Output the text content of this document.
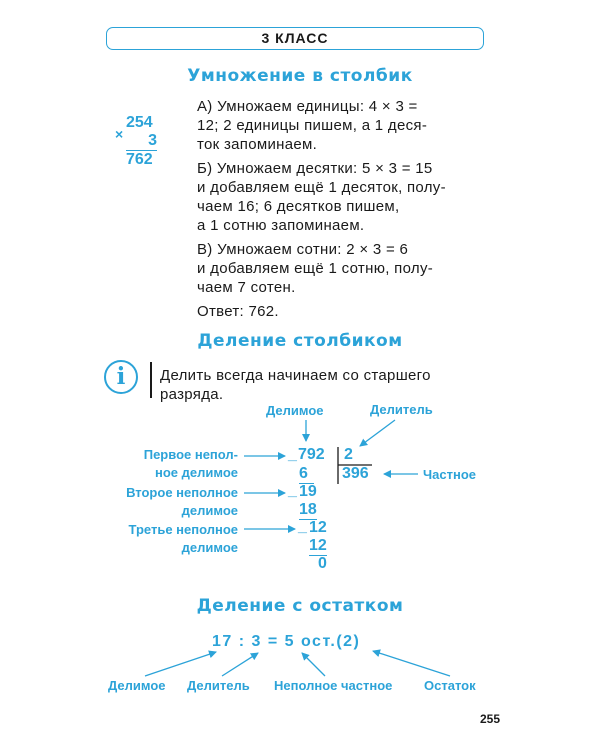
3 КЛАСС
Умножение в столбик
×
254
3
762

А) Умножаем единицы: 4 × 3 =
12; 2 единицы пишем, а 1 деся-
ток запоминаем.

Б) Умножаем десятки: 5 × 3 = 15
и добавляем ещё 1 десяток, полу-
чаем 16; 6 десятков пишем,
а 1 сотню запоминаем.

В) Умножаем сотни: 2 × 3 = 6
и добавляем ещё 1 сотню, полу-
чаем 7 сотен.

Ответ: 762.

Деление столбиком
i	Делить всегда начинаем со старшего
разряда.

Делимое	Делитель
Первое непол-
ное делимое
Второе неполное
делимое
Третье неполное
делимое
Частное
_ 792 2
396
6
_ 19
18
_ 12
12
0
Деление с остатком
17 : 3 = 5 ост.(2)
Делимое Делитель Неполное частное Остаток
255
